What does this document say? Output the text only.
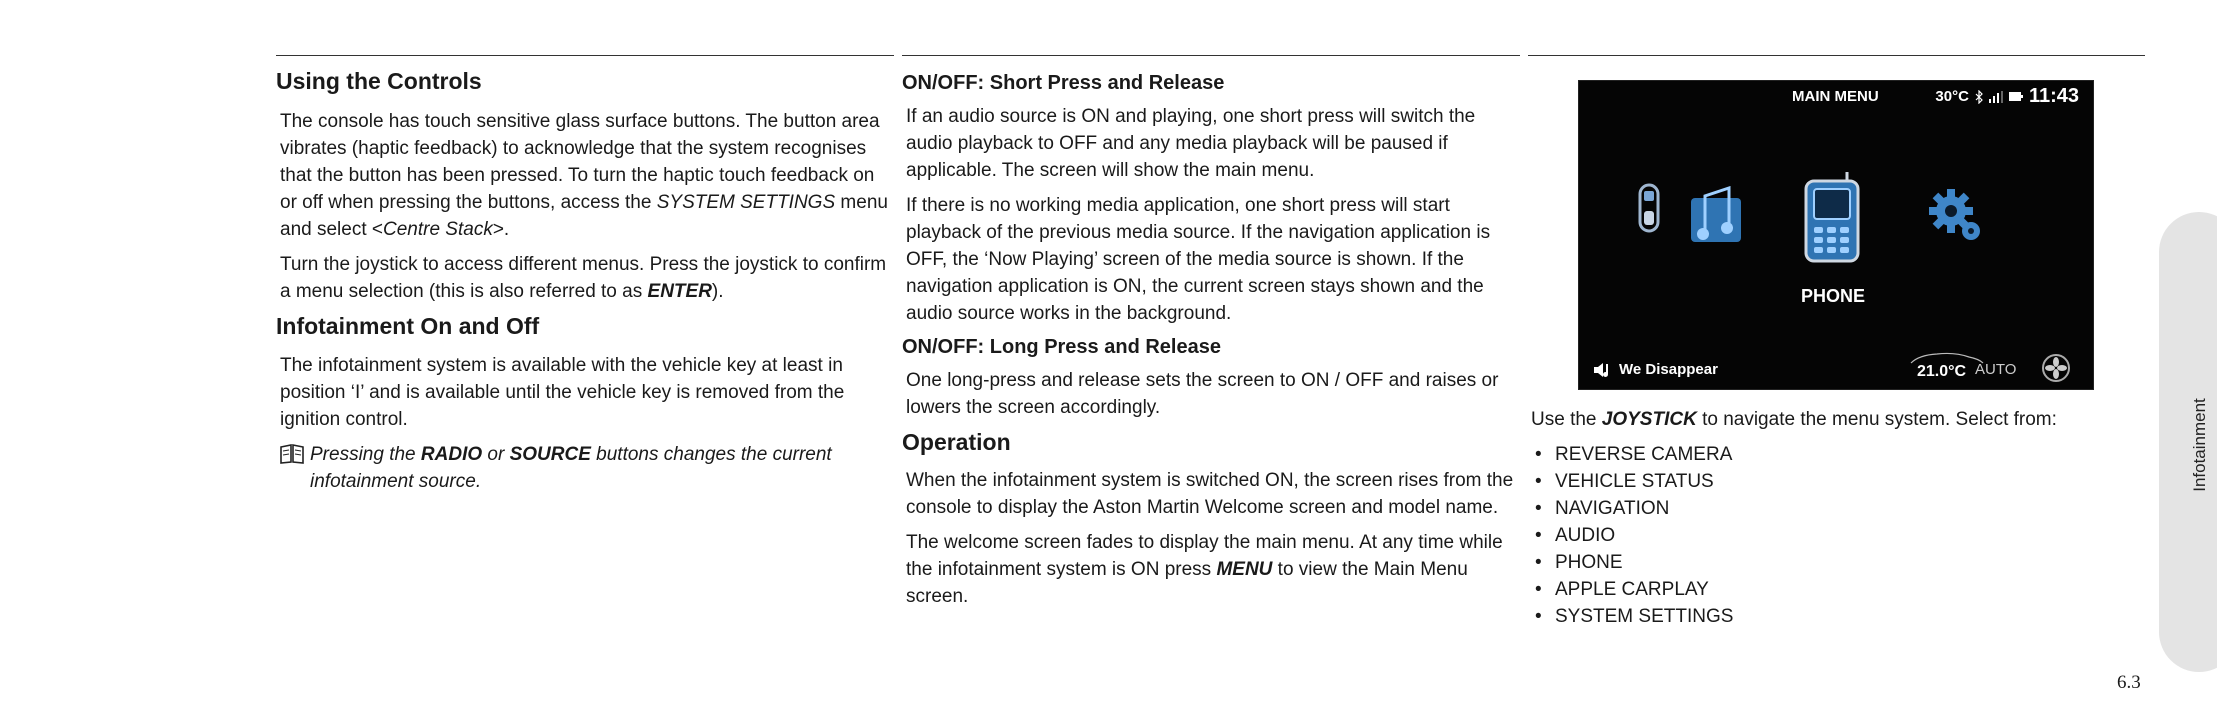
Using the Controls

The console has touch sensitive glass surface buttons. The button area vibrates (haptic feedback) to acknowledge that the system recognises that the button has been pressed. To turn the haptic touch feedback on or off when pressing the buttons, access the SYSTEM SETTINGS menu and select <Centre Stack>.

Turn the joystick to access different menus. Press the joystick to confirm a menu selection (this is also referred to as ENTER).

Infotainment On and Off

The infotainment system is available with the vehicle key at least in position ‘I’ and is available until the vehicle key is removed from the ignition control.

Pressing the RADIO or SOURCE buttons changes the current infotainment source.

ON/OFF: Short Press and Release

If an audio source is ON and playing, one short press will switch the audio playback to OFF and any media playback will be paused if applicable. The screen will show the main menu.

If there is no working media application, one short press will start playback of the previous media source. If the navigation application is OFF, the ‘Now Playing’ screen of the media source is shown. If the navigation application is ON, the current screen stays shown and the audio source works in the background.

ON/OFF: Long Press and Release

One long-press and release sets the screen to ON / OFF and raises or lowers the screen accordingly.

Operation

When the infotainment system is switched ON, the screen rises from the console to display the Aston Martin Welcome screen and model name.

The welcome screen fades to display the main menu. At any time while the infotainment system is ON press MENU to view the Main Menu screen.

MAIN MENU	30°C	11:43
PHONE
We Disappear	21.0°C AUTO

Use the JOYSTICK to navigate the menu system. Select from:

• REVERSE CAMERA
• VEHICLE STATUS
• NAVIGATION
• AUDIO
• PHONE
• APPLE CARPLAY
• SYSTEM SETTINGS
Infotainment
6.3
